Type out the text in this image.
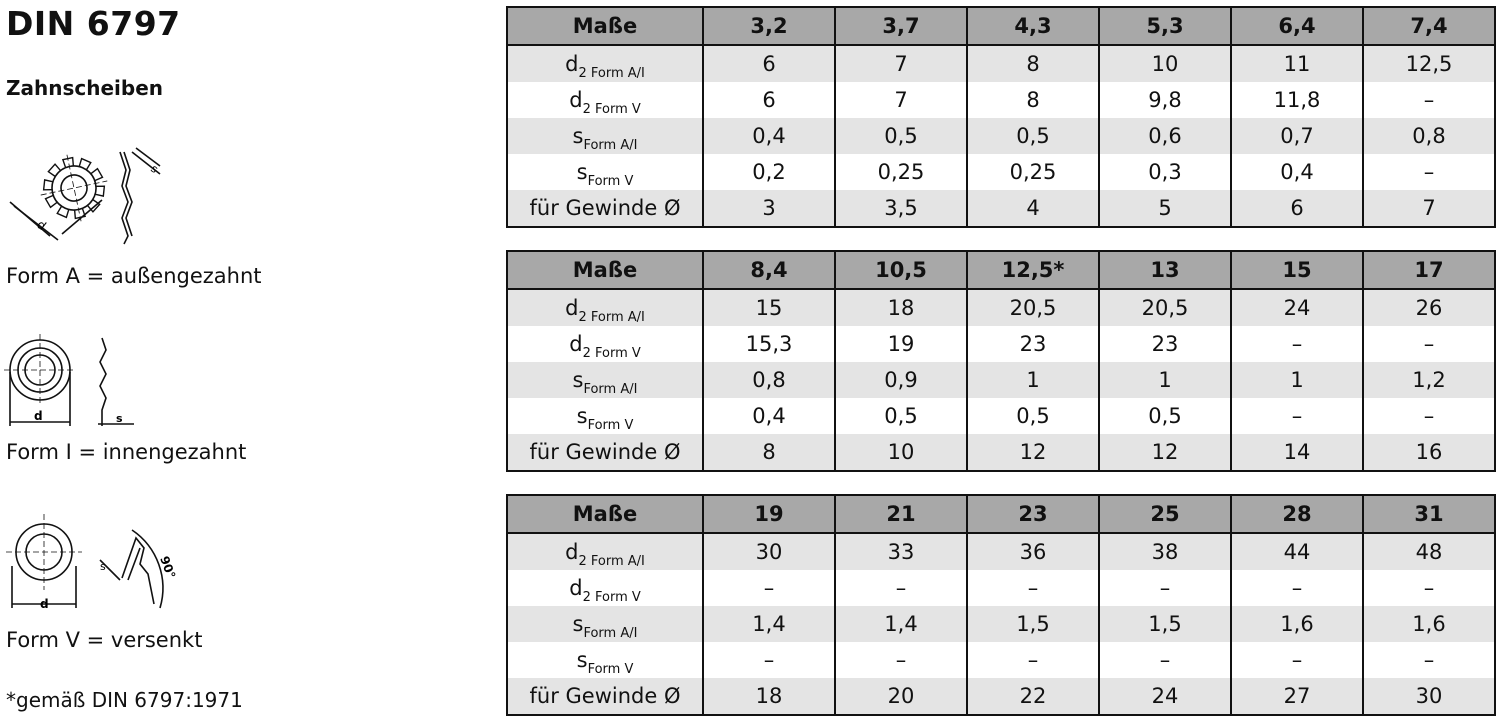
DIN 6797
Zahnscheiben
d
s
Form A = außengezahnt
d	s
Form I = innengezahnt
d
s	90°
Form V = versenkt
*gemäß DIN 6797:1971
Maße	3,2	3,7	4,3	5,3	6,4	7,4
$d_{2 Form A/I}$	6	7	8	10	11	12,5
$d_{2 Form V}$	6	7	8	9,8	11,8	–
$s_{Form A/I}$	0,4	0,5	0,5	0,6	0,7	0,8
$s_{Form V}$	0,2	0,25	0,25	0,3	0,4	–
für Gewinde Ø	3	3,5	4	5	6	7
Maße	8,4	10,5	12,5*	13	15	17
$d_{2 Form A/I}$	15	18	20,5	20,5	24	26
$d_{2 Form V}$	15,3	19	23	23	–	–
$s_{Form A/I}$	0,8	0,9	1	1	1	1,2
$s_{Form V}$	0,4	0,5	0,5	0,5	–	–
für Gewinde Ø	8	10	12	12	14	16
Maße	19	21	23	25	28	31
$d_{2 Form A/I}$	30	33	36	38	44	48
$d_{2 Form V}$	–	–	–	–	–	–
$s_{Form A/I}$	1,4	1,4	1,5	1,5	1,6	1,6
$s_{Form V}$	–	–	–	–	–	–
für Gewinde Ø	18	20	22	24	27	30
